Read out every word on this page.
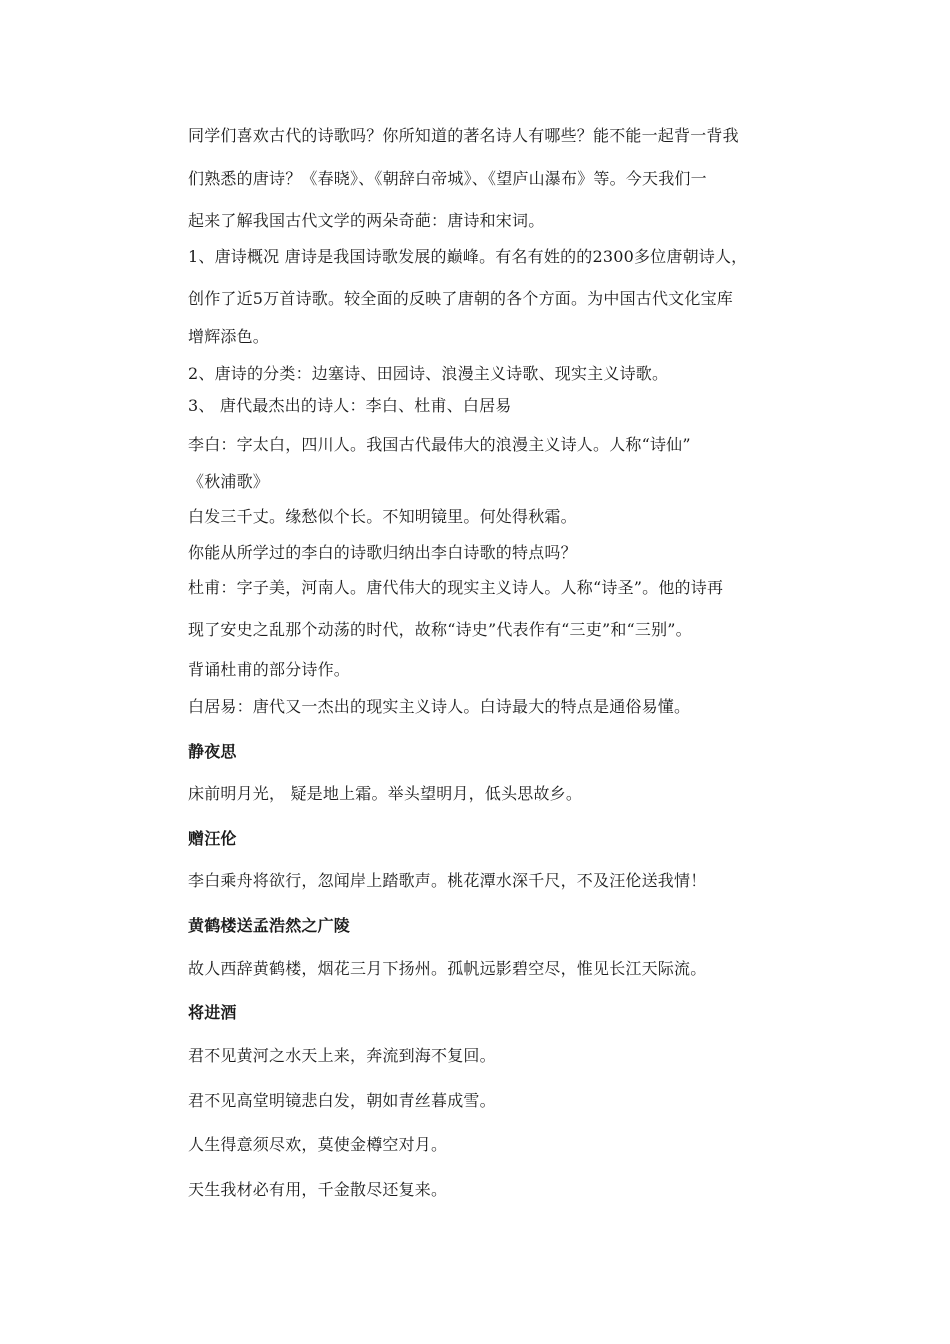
同学们喜欢古代的诗歌吗？你所知道的著名诗人有哪些？能不能一起背一背我
们熟悉的唐诗？《春晓》、《朝辞白帝城》、《望庐山瀑布》等。今天我们一
起来了解我国古代文学的两朵奇葩：唐诗和宋词。
1、唐诗概况 唐诗是我国诗歌发展的巅峰。有名有姓的的2300多位唐朝诗人，
创作了近5万首诗歌。较全面的反映了唐朝的各个方面。为中国古代文化宝库
增辉添色。
2、唐诗的分类：边塞诗、田园诗、浪漫主义诗歌、现实主义诗歌。
3、 唐代最杰出的诗人：李白、杜甫、白居易
李白：字太白，四川人。我国古代最伟大的浪漫主义诗人。人称“诗仙”
《秋浦歌》
白发三千丈。缘愁似个长。不知明镜里。何处得秋霜。
你能从所学过的李白的诗歌归纳出李白诗歌的特点吗？
杜甫：字子美，河南人。唐代伟大的现实主义诗人。人称“诗圣”。他的诗再
现了安史之乱那个动荡的时代，故称“诗史”代表作有“三吏”和“三别”。
背诵杜甫的部分诗作。
白居易：唐代又一杰出的现实主义诗人。白诗最大的特点是通俗易懂。
静夜思
床前明月光， 疑是地上霜。举头望明月，低头思故乡。
赠汪伦
李白乘舟将欲行，忽闻岸上踏歌声。桃花潭水深千尺，不及汪伦送我情！
黄鹤楼送孟浩然之广陵
故人西辞黄鹤楼，烟花三月下扬州。孤帆远影碧空尽，惟见长江天际流。
将进酒
君不见黄河之水天上来，奔流到海不复回。
君不见高堂明镜悲白发，朝如青丝暮成雪。
人生得意须尽欢，莫使金樽空对月。
天生我材必有用，千金散尽还复来。
